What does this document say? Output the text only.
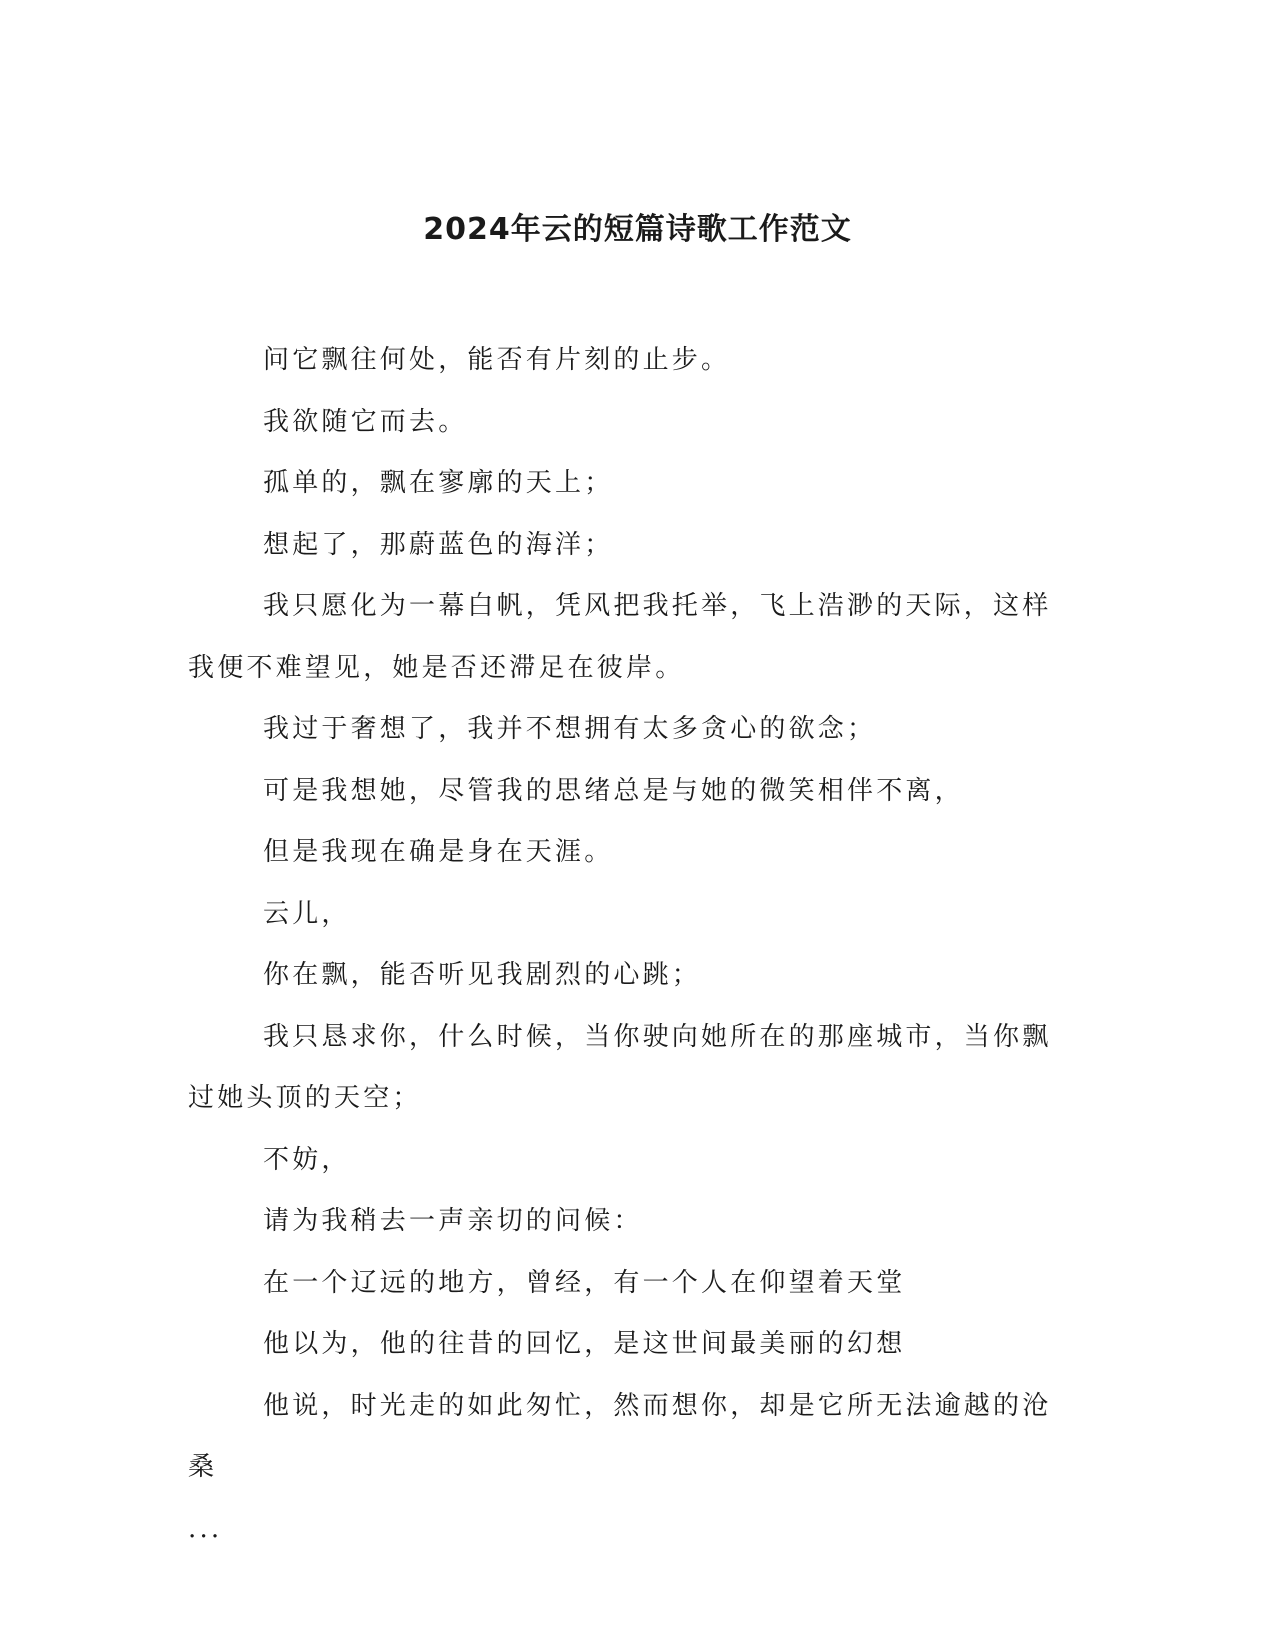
2024年云的短篇诗歌工作范文

问它飘往何处，能否有片刻的止步。

我欲随它而去。

孤单的，飘在寥廓的天上；

想起了，那蔚蓝色的海洋；

我只愿化为一幕白帆，凭风把我托举，飞上浩渺的天际，这样我便不难望见，她是否还滞足在彼岸。

我过于奢想了，我并不想拥有太多贪心的欲念；

可是我想她，尽管我的思绪总是与她的微笑相伴不离，

但是我现在确是身在天涯。

云儿，

你在飘，能否听见我剧烈的心跳；

我只恳求你，什么时候，当你驶向她所在的那座城市，当你飘过她头顶的天空；

不妨，

请为我稍去一声亲切的问候：

在一个辽远的地方，曾经，有一个人在仰望着天堂

他以为，他的往昔的回忆，是这世间最美丽的幻想

他说，时光走的如此匆忙，然而想你，却是它所无法逾越的沧桑

...
